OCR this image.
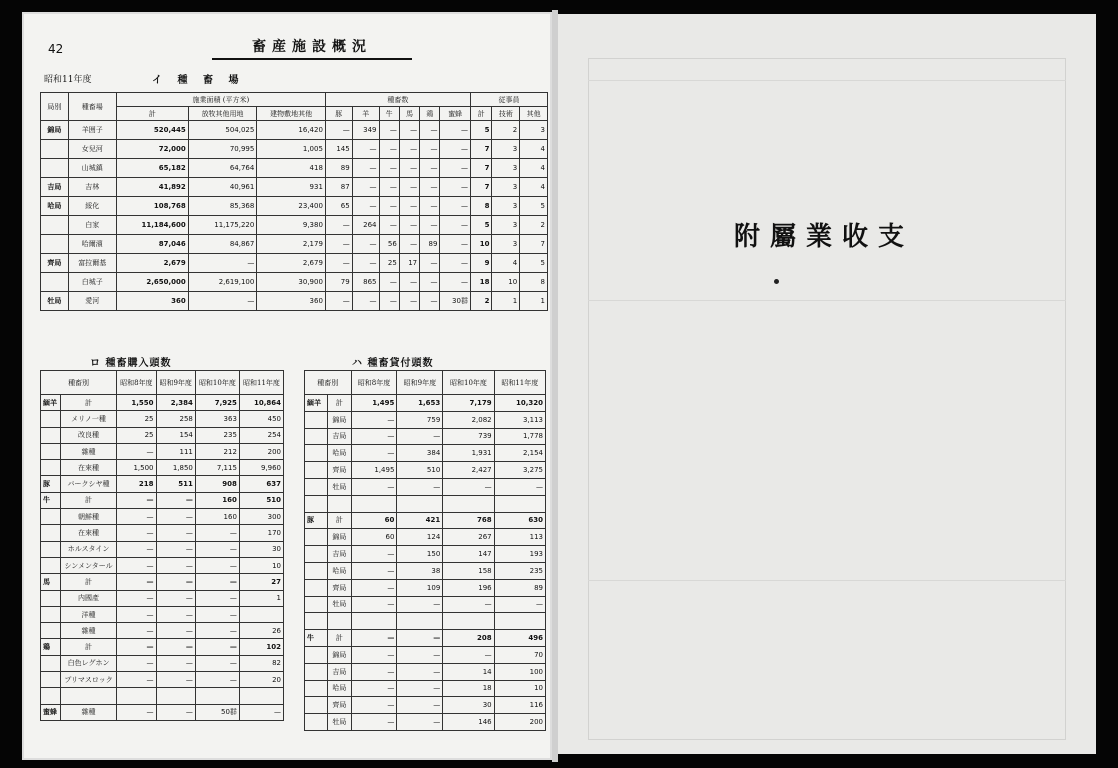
42	畜産施設概況
昭和11年度	イ 種 畜 場
局別	種畜場	施業面積 (平方米)			種畜数						従事員		
		計	放牧其他用地	建物敷地其他	豚	羊	牛	馬	鶏	蜜蜂	計	技術	其他
錦局	羊囲子	520,445	504,025	16,420	—	349	—	—	—	—	5	2	3
	女兒河	72,000	70,995	1,005	145	—	—	—	—	—	7	3	4
	山城鎮	65,182	64,764	418	89	—	—	—	—	—	7	3	4
吉局	吉林	41,892	40,961	931	87	—	—	—	—	—	7	3	4
哈局	綏化	108,768	85,368	23,400	65	—	—	—	—	—	8	3	5
	白家	11,184,600	11,175,220	9,380	—	264	—	—	—	—	5	3	2
	哈爾濱	87,046	84,867	2,179	—	—	56	—	89	—	10	3	7
齊局	富拉爾基	2,679	—	2,679	—	—	25	17	—	—	9	4	5
	白城子	2,650,000	2,619,100	30,900	79	865	—	—	—	—	18	10	8
牡局	愛河	360	—	360	—	—	—	—	—	30群	2	1	1
ロ 種畜購入頭数	ハ 種畜貸付頭数
種畜別		昭和8年度	昭和9年度	昭和10年度	昭和11年度
緬羊	計	1,550	2,384	7,925	10,864
	メリノ一種	25	258	363	450
	改良種	25	154	235	254
	雜種	—	111	212	200
	在來種	1,500	1,850	7,115	9,960
豚	バークシヤ種	218	511	908	637
牛	計	—	—	160	510
	朝鮮種	—	—	160	300
	在來種	—	—	—	170
	ホルスタイン	—	—	—	30
	シンメンタール	—	—	—	10
馬	計	—	—	—	27
	内國產	—	—	—	1
	洋種	—	—	—	
	雜種	—	—	—	26
鶏	計	—	—	—	102
	白色レグホン	—	—	—	82
	プリマスロック	—	—	—	20

蜜蜂	雜種	—	—	50群	—
種畜別		昭和8年度	昭和9年度	昭和10年度	昭和11年度
緬羊	計	1,495	1,653	7,179	10,320
	錦局	—	759	2,082	3,113
	吉局	—	—	739	1,778
	哈局	—	384	1,931	2,154
	齊局	1,495	510	2,427	3,275
	牡局	—	—	—	—

豚	計	60	421	768	630
	錦局	60	124	267	113
	吉局	—	150	147	193
	哈局	—	38	158	235
	齊局	—	109	196	89
	牡局	—	—	—	—

牛	計	—	—	208	496
	錦局	—	—	—	70
	吉局	—	—	14	100
	哈局	—	—	18	10
	齊局	—	—	30	116
	牡局	—	—	146	200
附屬業收支
